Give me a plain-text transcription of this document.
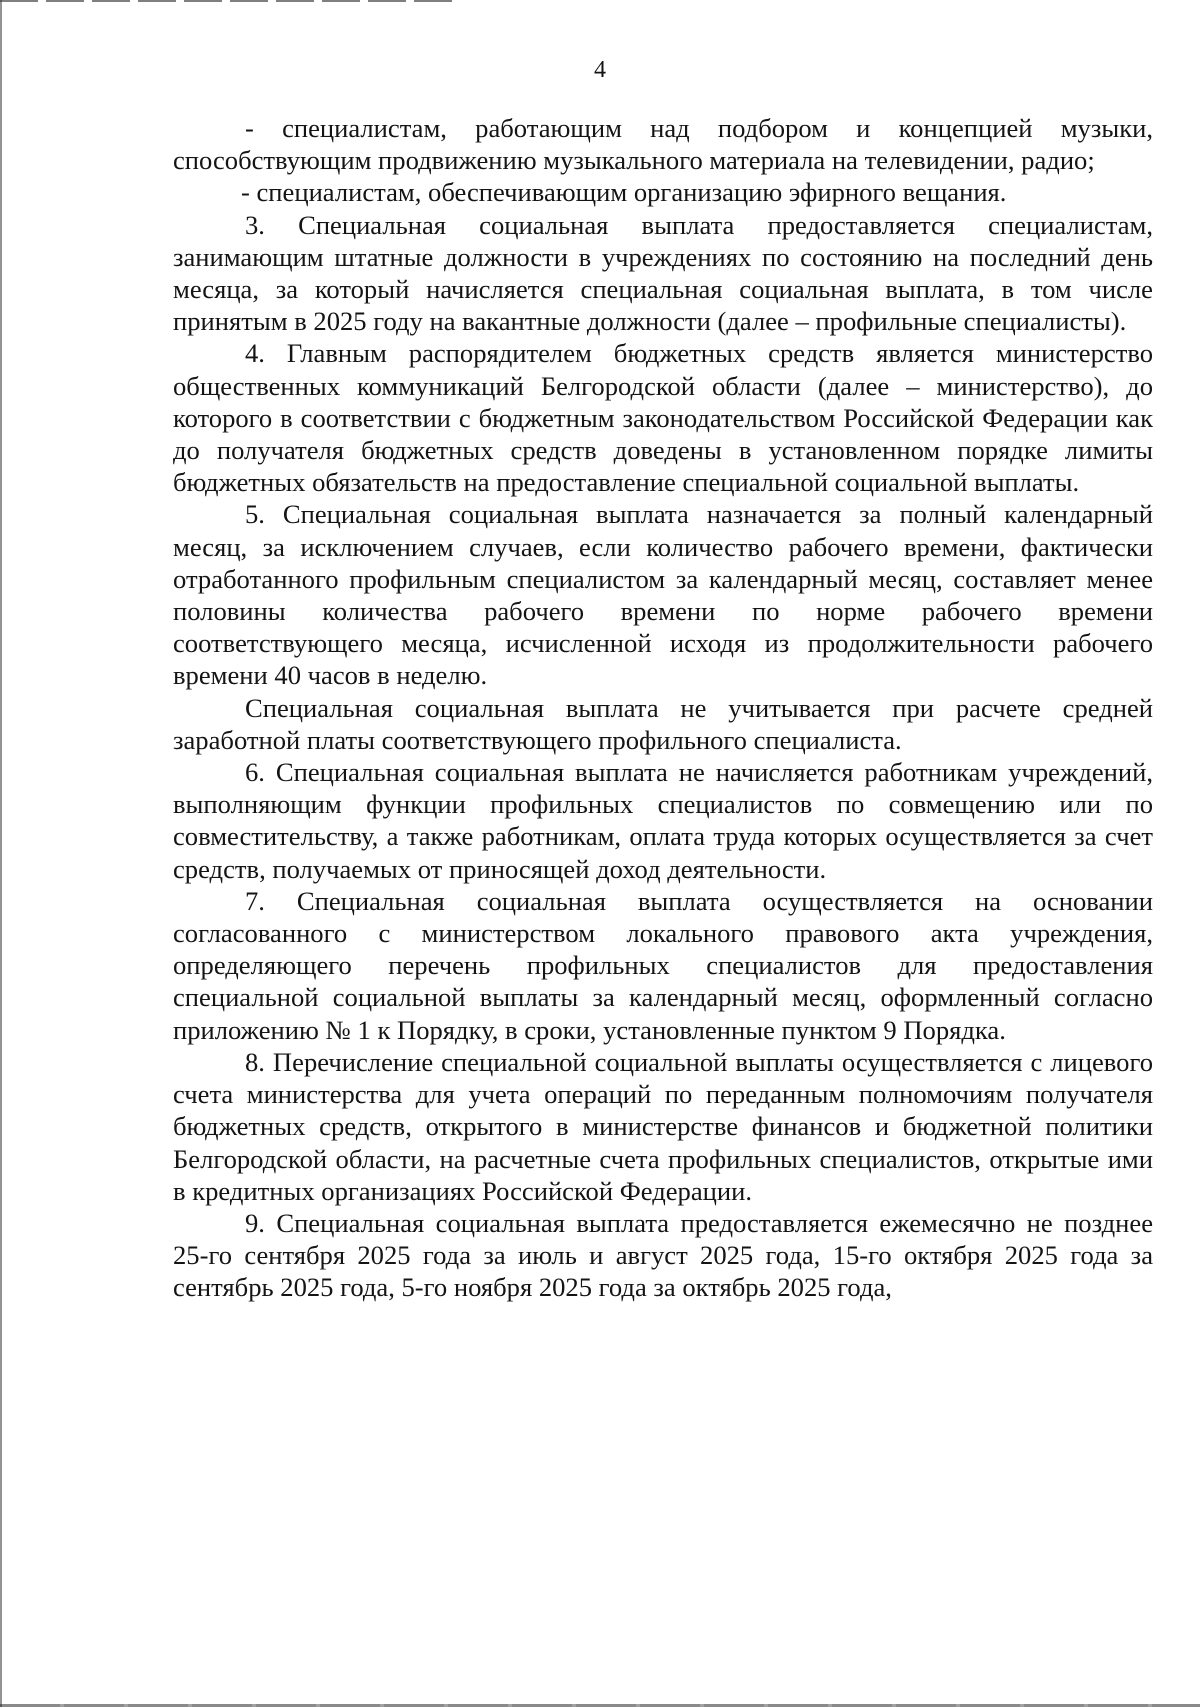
4

- специалистам, работающим над подбором и концепцией музыки, способствующим продвижению музыкального материала на телевидении, радио;

- специалистам, обеспечивающим организацию эфирного вещания.

3. Специальная социальная выплата предоставляется специалистам, занимающим штатные должности в учреждениях по состоянию на последний день месяца, за который начисляется специальная социальная выплата, в том числе принятым в 2025 году на вакантные должности (далее – профильные специалисты).

4. Главным распорядителем бюджетных средств является министерство общественных коммуникаций Белгородской области (далее – министерство), до которого в соответствии с бюджетным законодательством Российской Федерации как до получателя бюджетных средств доведены в установленном порядке лимиты бюджетных обязательств на предоставление специальной социальной выплаты.

5. Специальная социальная выплата назначается за полный календарный месяц, за исключением случаев, если количество рабочего времени, фактически отработанного профильным специалистом за календарный месяц, составляет менее половины количества рабочего времени по норме рабочего времени соответствующего месяца, исчисленной исходя из продолжительности рабочего времени 40 часов в неделю.

Специальная социальная выплата не учитывается при расчете средней заработной платы соответствующего профильного специалиста.

6. Специальная социальная выплата не начисляется работникам учреждений, выполняющим функции профильных специалистов по совмещению или по совместительству, а также работникам, оплата труда которых осуществляется за счет средств, получаемых от приносящей доход деятельности.

7. Специальная социальная выплата осуществляется на основании согласованного с министерством локального правового акта учреждения, определяющего перечень профильных специалистов для предоставления специальной социальной выплаты за календарный месяц, оформленный согласно приложению № 1 к Порядку, в сроки, установленные пунктом 9 Порядка.

8. Перечисление специальной социальной выплаты осуществляется с лицевого счета министерства для учета операций по переданным полномочиям получателя бюджетных средств, открытого в министерстве финансов и бюджетной политики Белгородской области, на расчетные счета профильных специалистов, открытые ими в кредитных организациях Российской Федерации.

9. Специальная социальная выплата предоставляется ежемесячно не позднее 25-го сентября 2025 года за июль и август 2025 года, 15-го октября 2025 года за сентябрь 2025 года, 5-го ноября 2025 года за октябрь 2025 года,
